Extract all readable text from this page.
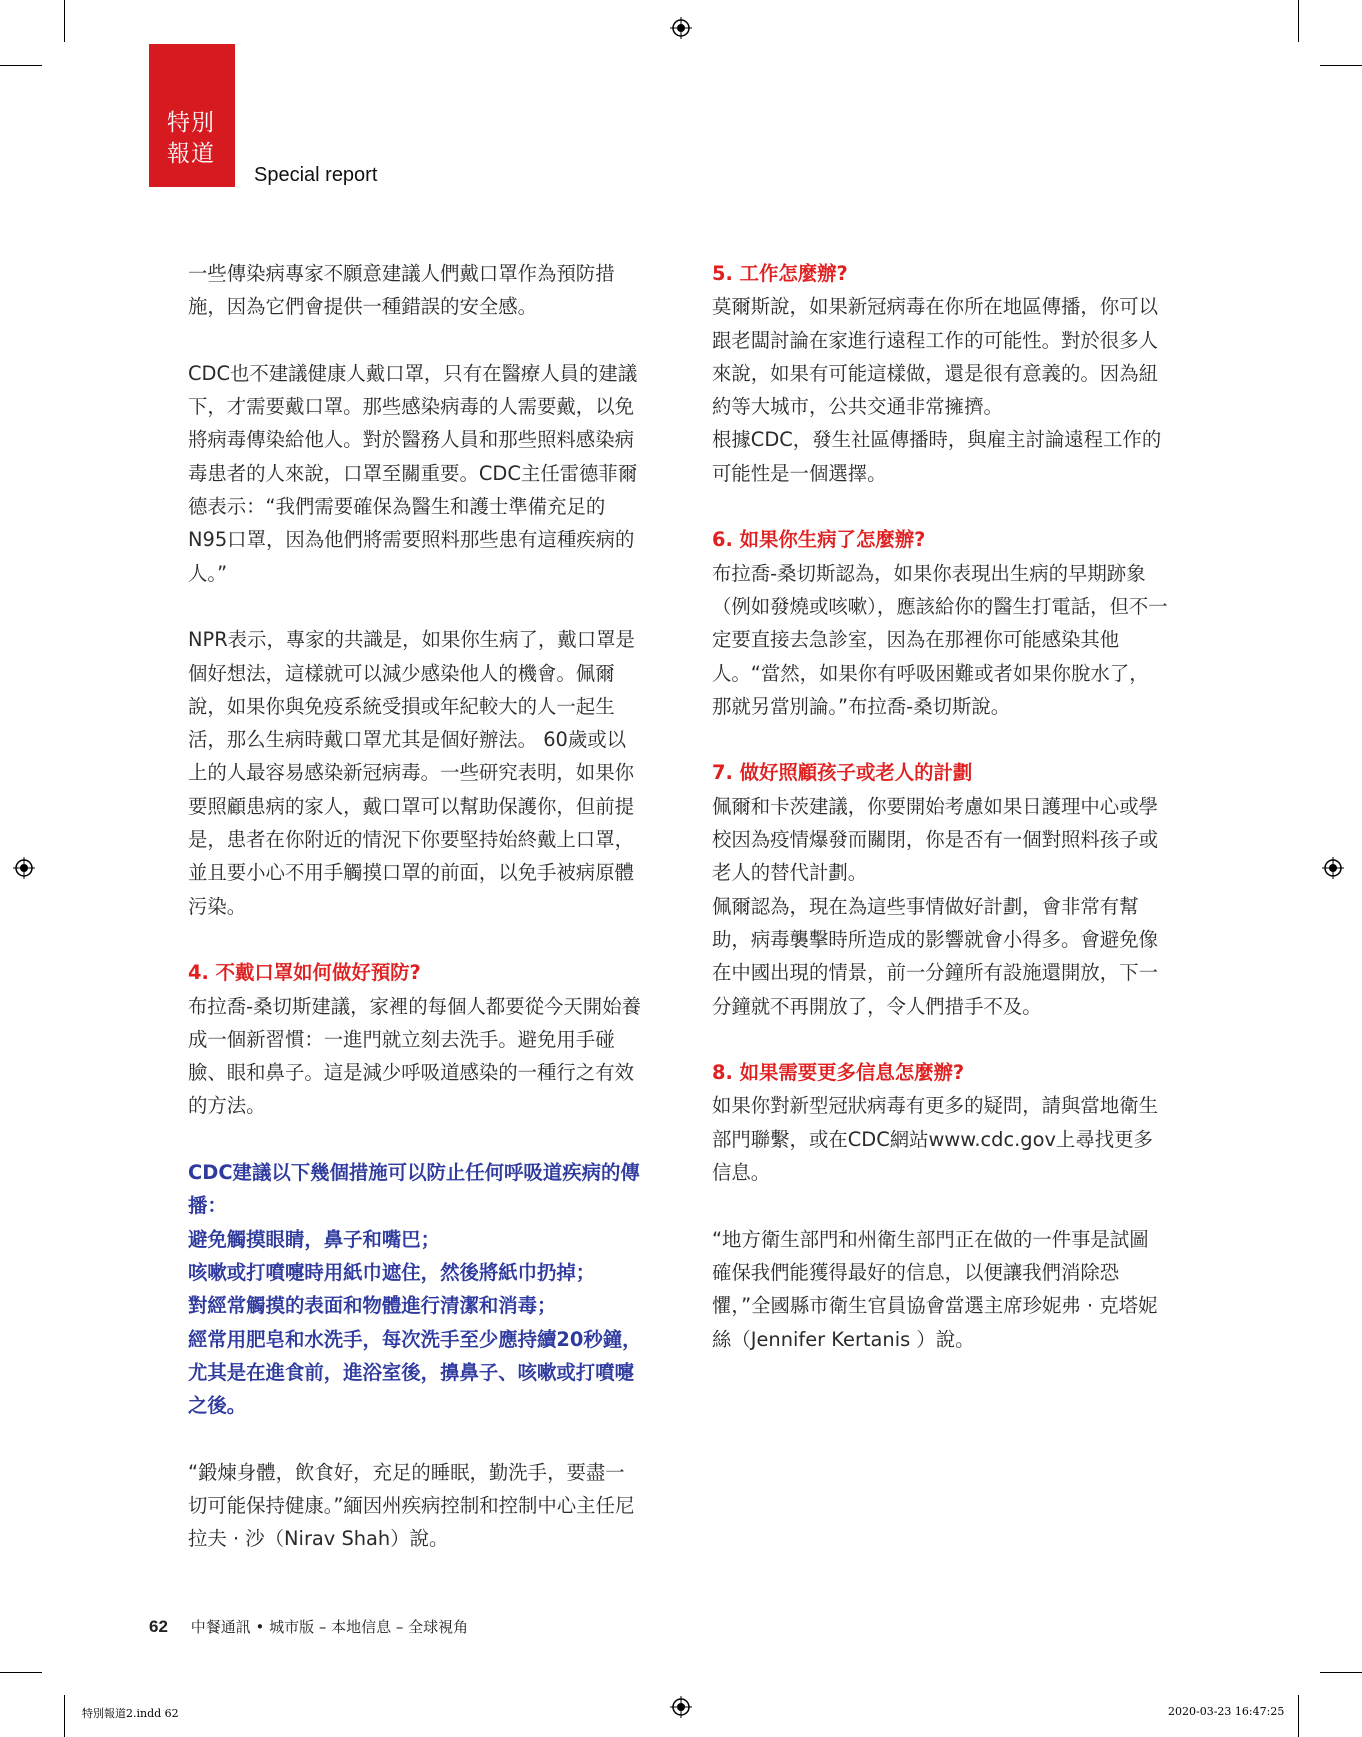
特別
報道
Special report

一些傳染病專家不願意建議人們戴口罩作為預防措施，因為它們會提供一種錯誤的安全感。

CDC也不建議健康人戴口罩，只有在醫療人員的建議下，才需要戴口罩。那些感染病毒的人需要戴，以免將病毒傳染給他人。對於醫務人員和那些照料感染病毒患者的人來說，口罩至關重要。CDC主任雷德菲爾德表示：“我們需要確保為醫生和護士準備充足的N95口罩，因為他們將需要照料那些患有這種疾病的人。”

NPR表示，專家的共識是，如果你生病了，戴口罩是個好想法，這樣就可以減少感染他人的機會。佩爾說，如果你與免疫系統受損或年紀較大的人一起生活，那么生病時戴口罩尤其是個好辦法。 60歲或以上的人最容易感染新冠病毒。一些研究表明，如果你要照顧患病的家人，戴口罩可以幫助保護你，但前提是，患者在你附近的情況下你要堅持始終戴上口罩，並且要小心不用手觸摸口罩的前面，以免手被病原體污染。

4. 不戴口罩如何做好預防?

布拉喬-桑切斯建議，家裡的每個人都要從今天開始養成一個新習慣：一進門就立刻去洗手。避免用手碰臉、眼和鼻子。這是減少呼吸道感染的一種行之有效的方法。

CDC建議以下幾個措施可以防止任何呼吸道疾病的傳播：

避免觸摸眼睛，鼻子和嘴巴；

咳嗽或打噴嚏時用紙巾遮住，然後將紙巾扔掉；

對經常觸摸的表面和物體進行清潔和消毒；

經常用肥皂和水洗手，每次洗手至少應持續20秒鐘，尤其是在進食前，進浴室後，擤鼻子、咳嗽或打噴嚏之後。

“鍛煉身體，飲食好，充足的睡眠，勤洗手，要盡一切可能保持健康。”緬因州疾病控制和控制中心主任尼拉夫 · 沙（Nirav Shah）說。

5. 工作怎麼辦?

莫爾斯說，如果新冠病毒在你所在地區傳播，你可以跟老闆討論在家進行遠程工作的可能性。對於很多人來說，如果有可能這樣做，還是很有意義的。因為紐約等大城市，公共交通非常擁擠。

根據CDC，發生社區傳播時，與雇主討論遠程工作的可能性是一個選擇。

6. 如果你生病了怎麼辦?

布拉喬-桑切斯認為，如果你表現出生病的早期跡象（例如發燒或咳嗽），應該給你的醫生打電話，但不一定要直接去急診室，因為在那裡你可能感染其他人。“當然，如果你有呼吸困難或者如果你脫水了，那就另當別論。”布拉喬-桑切斯說。

7. 做好照顧孩子或老人的計劃

佩爾和卡茨建議，你要開始考慮如果日護理中心或學校因為疫情爆發而關閉，你是否有一個對照料孩子或老人的替代計劃。

佩爾認為，現在為這些事情做好計劃，會非常有幫助，病毒襲擊時所造成的影響就會小得多。會避免像在中國出現的情景，前一分鐘所有設施還開放，下一分鐘就不再開放了，令人們措手不及。

8. 如果需要更多信息怎麼辦?

如果你對新型冠狀病毒有更多的疑問，請與當地衛生部門聯繫，或在CDC網站www.cdc.gov上尋找更多信息。

“地方衛生部門和州衛生部門正在做的一件事是試圖確保我們能獲得最好的信息，以便讓我們消除恐懼，”全國縣市衛生官員協會當選主席珍妮弗 · 克塔妮絲（Jennifer Kertanis ）說。

62 中餐通訊 • 城市版 – 本地信息 – 全球視角
特別報道2.indd 62	2020-03-23 16:47:25
